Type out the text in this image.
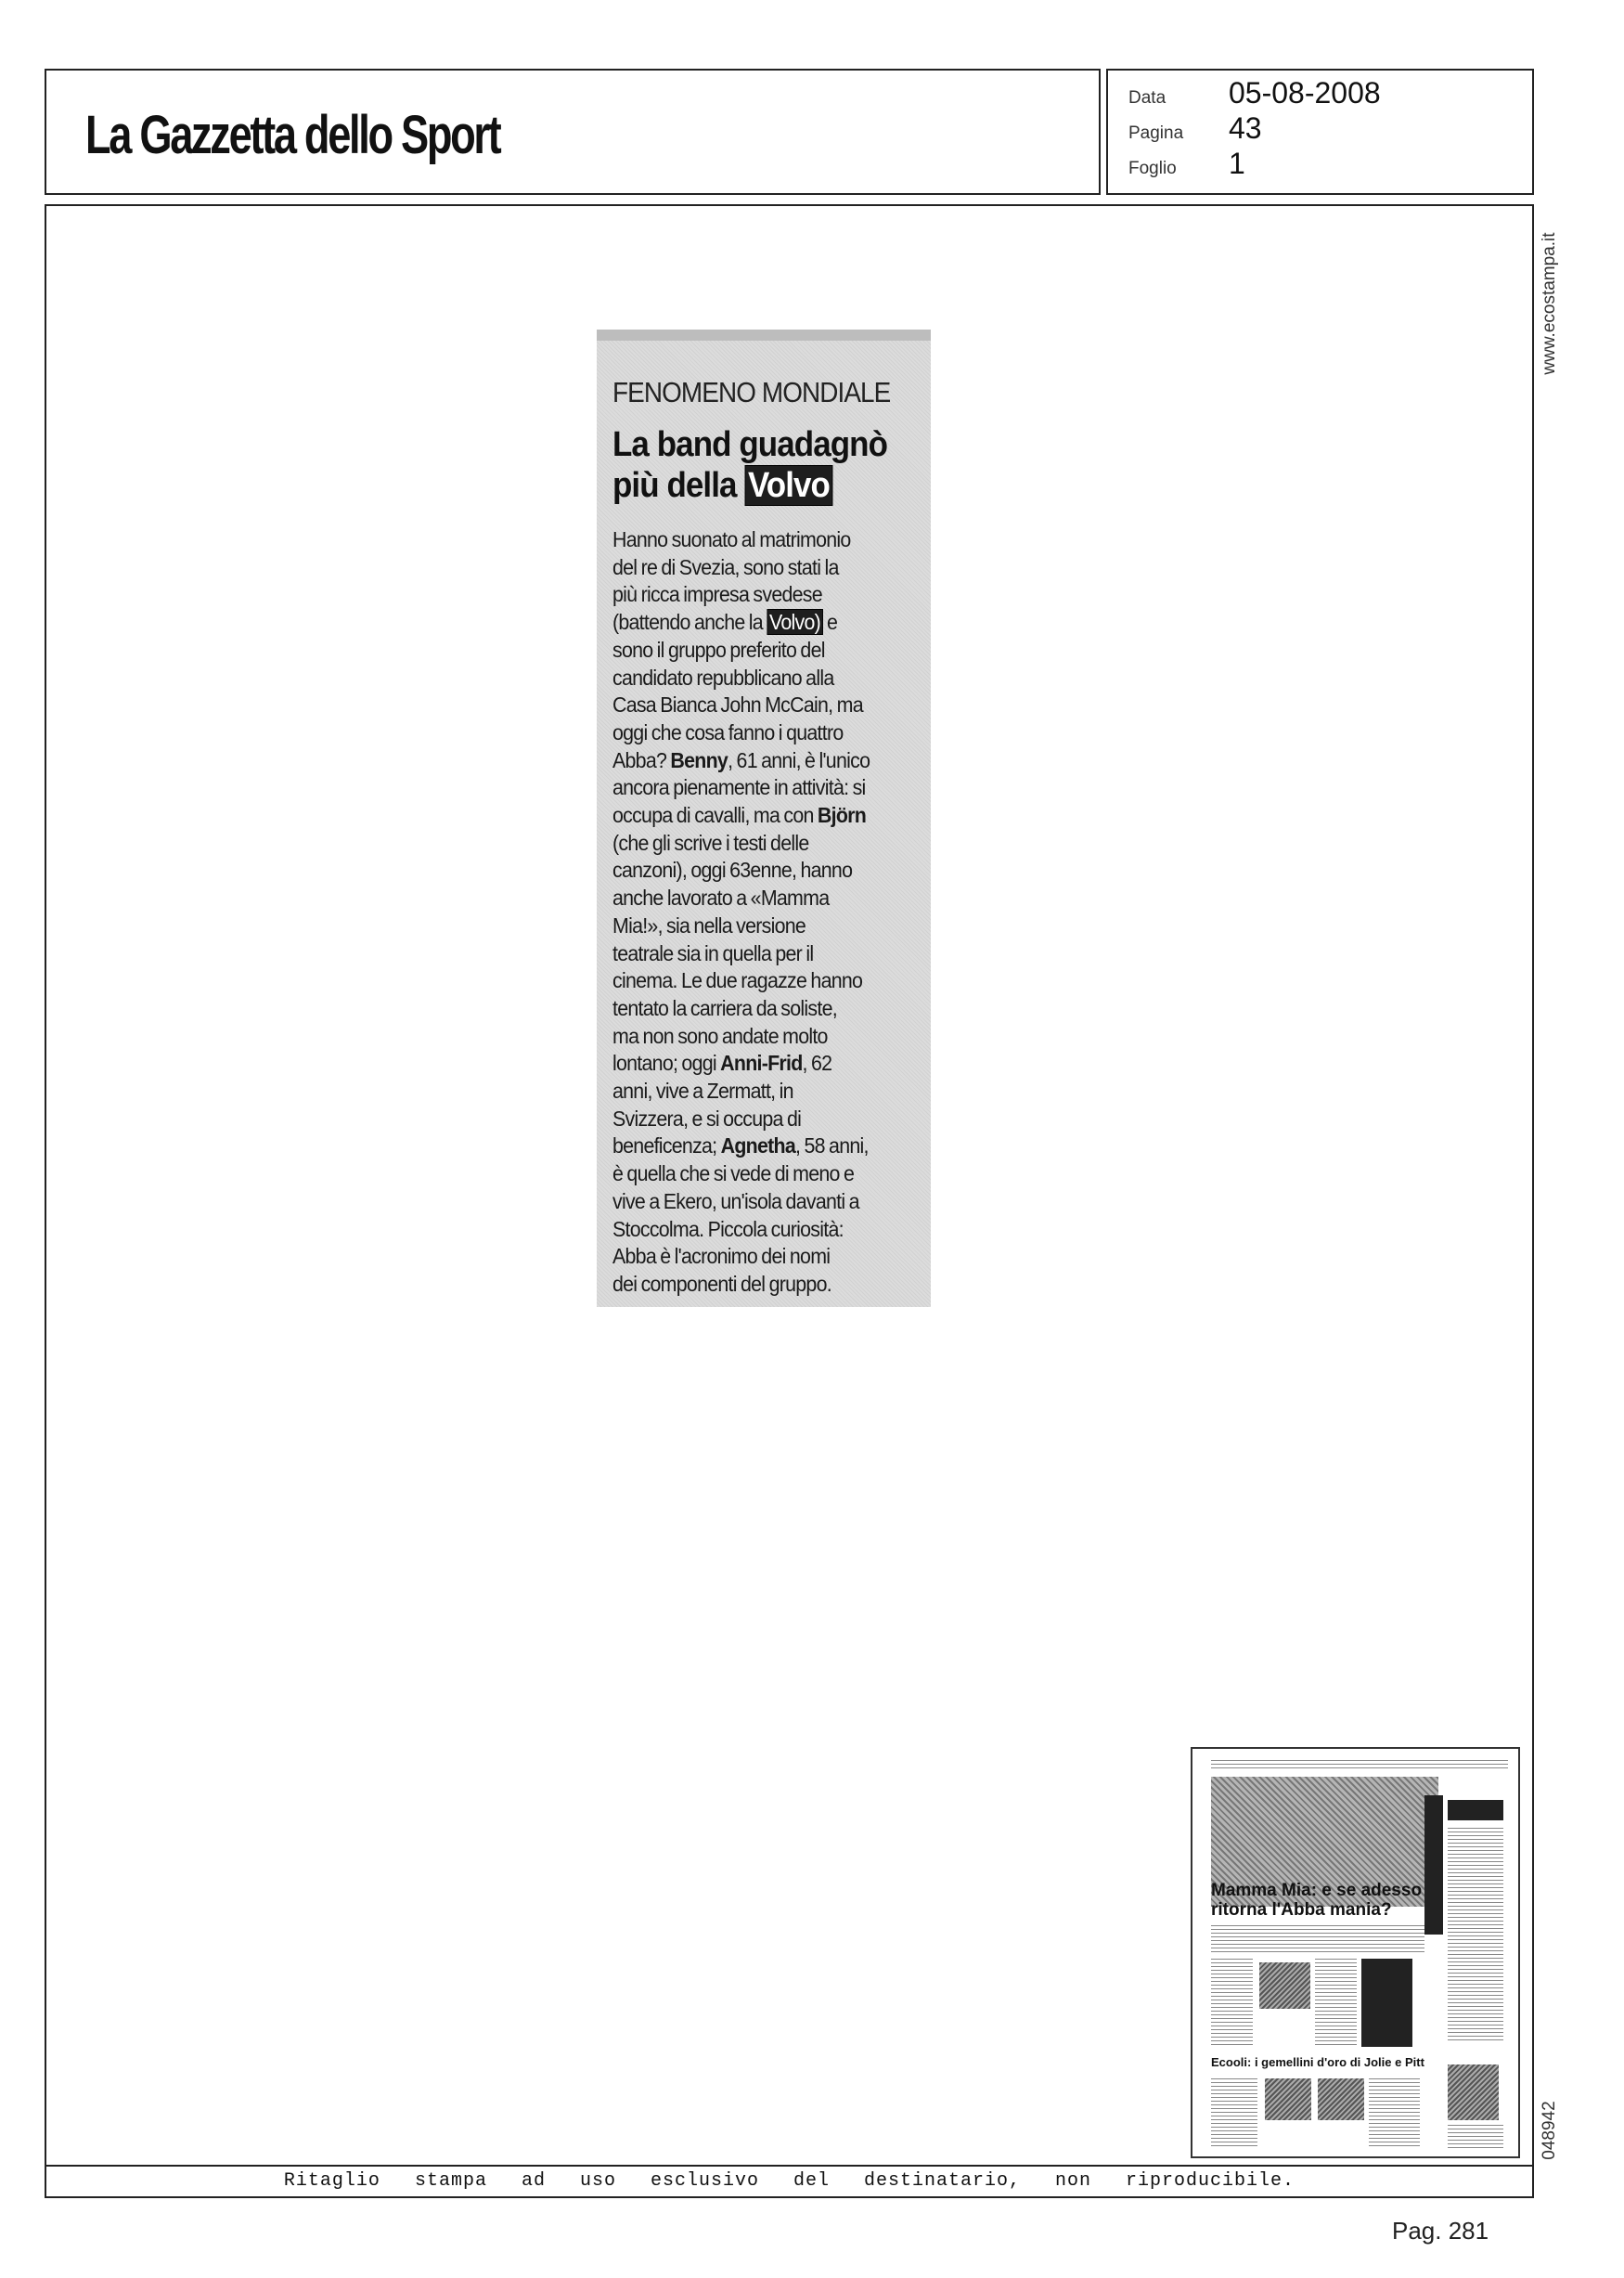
La Gazzetta dello Sport
Data	05-08-2008
Pagina	43
Foglio	1
Ritaglio stampa ad uso esclusivo del destinatario, non riproducibile.
www.ecostampa.it
048942
Pag. 281
FENOMENO MONDIALE
La band guadagnò
più della Volvo
Hanno suonato al matrimonio
del re di Svezia, sono stati la
più ricca impresa svedese
(battendo anche la Volvo) e
sono il gruppo preferito del
candidato repubblicano alla
Casa Bianca John McCain, ma
oggi che cosa fanno i quattro
Abba? Benny, 61 anni, è l'unico
ancora pienamente in attività: si
occupa di cavalli, ma con Björn
(che gli scrive i testi delle
canzoni), oggi 63enne, hanno
anche lavorato a «Mamma
Mia!», sia nella versione
teatrale sia in quella per il
cinema. Le due ragazze hanno
tentato la carriera da soliste,
ma non sono andate molto
lontano; oggi Anni-Frid, 62
anni, vive a Zermatt, in
Svizzera, e si occupa di
beneficenza; Agnetha, 58 anni,
è quella che si vede di meno e
vive a Ekero, un'isola davanti a
Stoccolma. Piccola curiosità:
Abba è l'acronimo dei nomi
dei componenti del gruppo.
Mamma Mia: e se adesso ritorna l'Abba mania?
Ecooli: i gemellini d'oro di Jolie e Pitt
